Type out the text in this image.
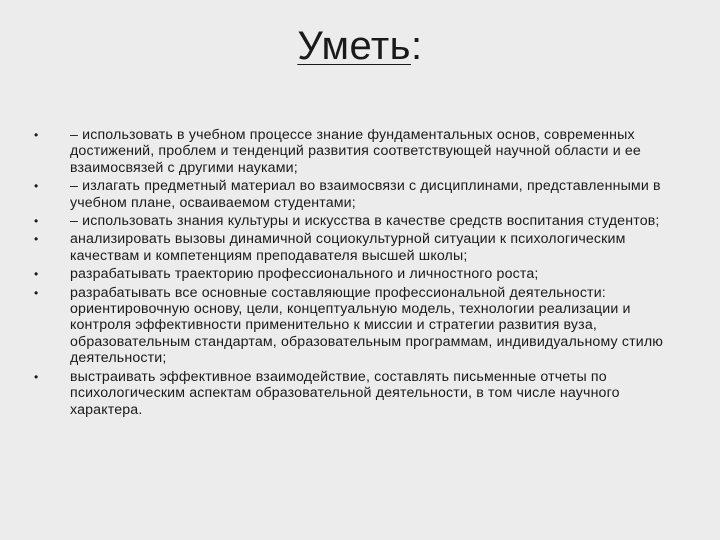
Уметь:
•	– использовать в учебном процессе знание фундаментальных основ, современных достижений, проблем и тенденций развития соответствующей научной области и ее взаимосвязей с другими науками;
•	– излагать предметный материал во взаимосвязи с дисциплинами, представленными в учебном плане, осваиваемом студентами;
•	– использовать знания культуры и искусства в качестве средств воспитания студентов;
•	анализировать вызовы динамичной социокультурной ситуации к психологическим качествам и компетенциям преподавателя высшей школы;
•	разрабатывать траекторию профессионального и личностного роста;
•	разрабатывать все основные составляющие профессиональной деятельности: ориентировочную основу, цели, концептуальную модель, технологии реализации и контроля эффективности применительно к миссии и стратегии развития вуза, образовательным стандартам, образовательным программам, индивидуальному стилю деятельности;
•	выстраивать эффективное взаимодействие, составлять письменные отчеты по психологическим аспектам образовательной деятельности, в том числе научного характера.
